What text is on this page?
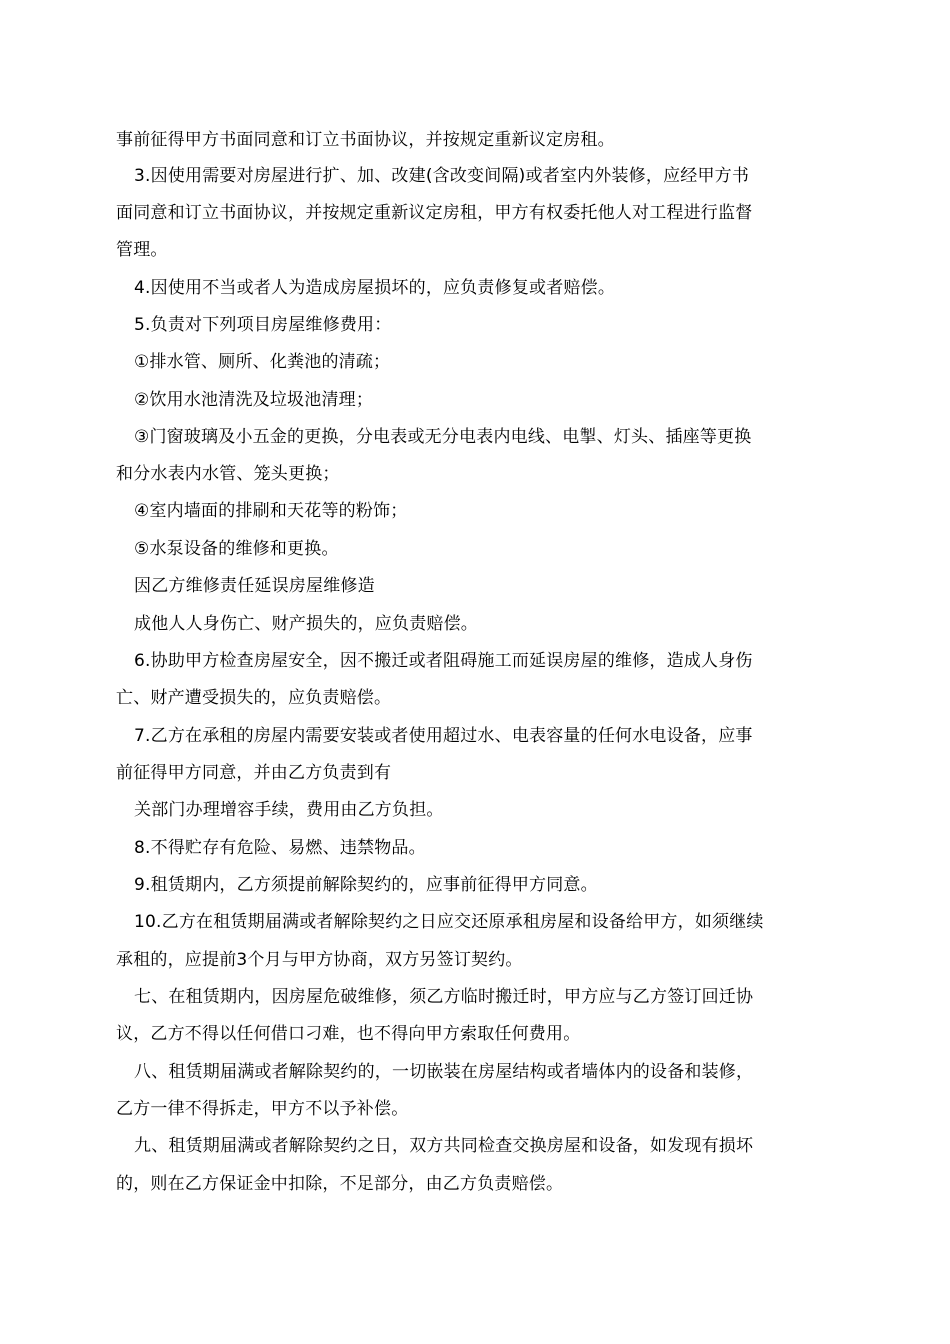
事前征得甲方书面同意和订立书面协议，并按规定重新议定房租。
3.因使用需要对房屋进行扩、加、改建(含改变间隔)或者室内外装修，应经甲方书
面同意和订立书面协议，并按规定重新议定房租，甲方有权委托他人对工程进行监督
管理。
4.因使用不当或者人为造成房屋损坏的，应负责修复或者赔偿。
5.负责对下列项目房屋维修费用：
①排水管、厕所、化粪池的清疏；
②饮用水池清洗及垃圾池清理；
③门窗玻璃及小五金的更换，分电表或无分电表内电线、电掣、灯头、插座等更换
和分水表内水管、笼头更换；
④室内墙面的排刷和天花等的粉饰；
⑤水泵设备的维修和更换。
因乙方维修责任延误房屋维修造
成他人人身伤亡、财产损失的，应负责赔偿。
6.协助甲方检查房屋安全，因不搬迁或者阻碍施工而延误房屋的维修，造成人身伤
亡、财产遭受损失的，应负责赔偿。
7.乙方在承租的房屋内需要安装或者使用超过水、电表容量的任何水电设备，应事
前征得甲方同意，并由乙方负责到有
关部门办理增容手续，费用由乙方负担。
8.不得贮存有危险、易燃、违禁物品。
9.租赁期内，乙方须提前解除契约的，应事前征得甲方同意。
10.乙方在租赁期届满或者解除契约之日应交还原承租房屋和设备给甲方，如须继续
承租的，应提前3个月与甲方协商，双方另签订契约。
七、在租赁期内，因房屋危破维修，须乙方临时搬迁时，甲方应与乙方签订回迁协
议，乙方不得以任何借口刁难，也不得向甲方索取任何费用。
八、租赁期届满或者解除契约的，一切嵌装在房屋结构或者墙体内的设备和装修，
乙方一律不得拆走，甲方不以予补偿。
九、租赁期届满或者解除契约之日，双方共同检查交换房屋和设备，如发现有损坏
的，则在乙方保证金中扣除，不足部分，由乙方负责赔偿。
